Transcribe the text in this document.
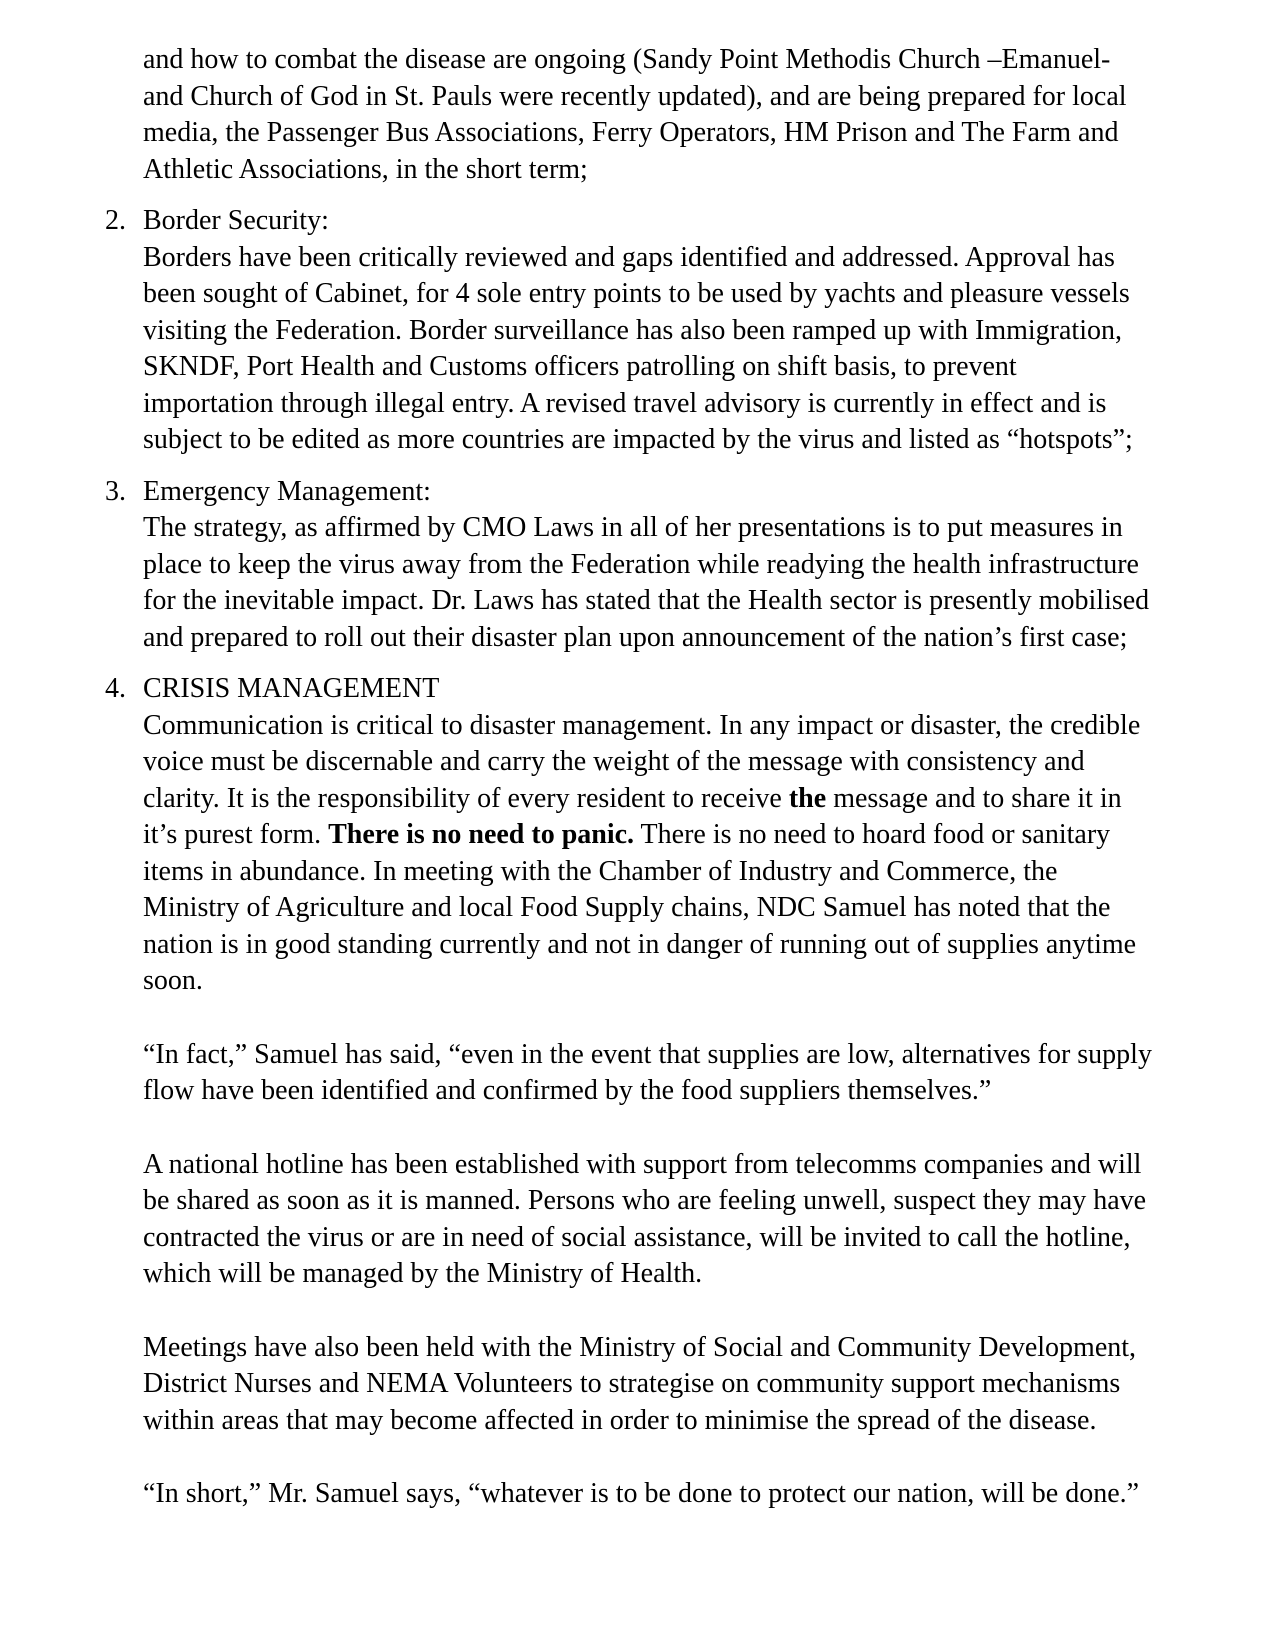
and how to combat the disease are ongoing (Sandy Point Methodis Church –Emanuel- and Church of God in St. Pauls were recently updated), and are being prepared for local media, the Passenger Bus Associations, Ferry Operators, HM Prison and The Farm and Athletic Associations, in the short term;

2. Border Security:

Borders have been critically reviewed and gaps identified and addressed. Approval has been sought of Cabinet, for 4 sole entry points to be used by yachts and pleasure vessels visiting the Federation. Border surveillance has also been ramped up with Immigration, SKNDF, Port Health and Customs officers patrolling on shift basis, to prevent importation through illegal entry. A revised travel advisory is currently in effect and is subject to be edited as more countries are impacted by the virus and listed as “hotspots”;

3. Emergency Management:

The strategy, as affirmed by CMO Laws in all of her presentations is to put measures in place to keep the virus away from the Federation while readying the health infrastructure for the inevitable impact. Dr. Laws has stated that the Health sector is presently mobilised and prepared to roll out their disaster plan upon announcement of the nation’s first case;

4. CRISIS MANAGEMENT

Communication is critical to disaster management. In any impact or disaster, the credible voice must be discernable and carry the weight of the message with consistency and clarity. It is the responsibility of every resident to receive the message and to share it in it’s purest form. There is no need to panic. There is no need to hoard food or sanitary items in abundance. In meeting with the Chamber of Industry and Commerce, the Ministry of Agriculture and local Food Supply chains, NDC Samuel has noted that the nation is in good standing currently and not in danger of running out of supplies anytime soon.

“In fact,” Samuel has said, “even in the event that supplies are low, alternatives for supply flow have been identified and confirmed by the food suppliers themselves.”

A national hotline has been established with support from telecomms companies and will be shared as soon as it is manned. Persons who are feeling unwell, suspect they may have contracted the virus or are in need of social assistance, will be invited to call the hotline, which will be managed by the Ministry of Health.

Meetings have also been held with the Ministry of Social and Community Development, District Nurses and NEMA Volunteers to strategise on community support mechanisms within areas that may become affected in order to minimise the spread of the disease.

“In short,” Mr. Samuel says, “whatever is to be done to protect our nation, will be done.”
